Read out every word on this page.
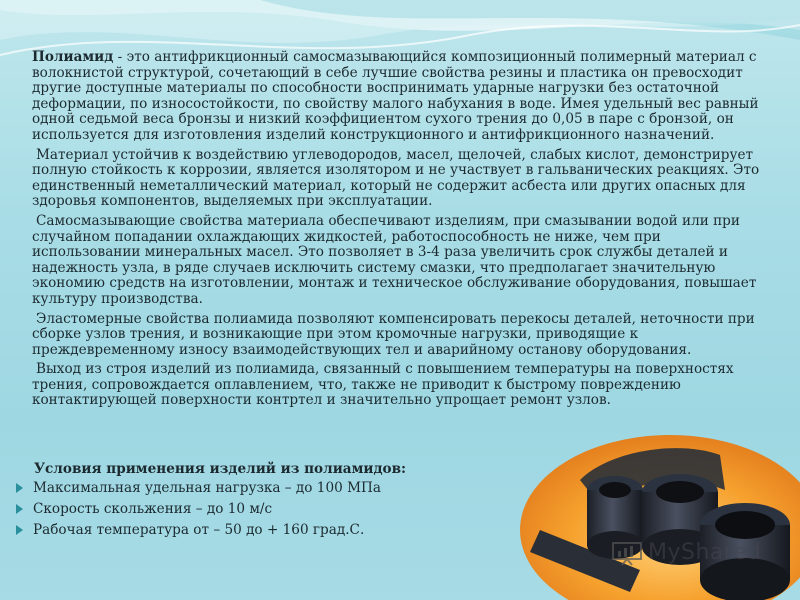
Полиамид - это антифрикционный самосмазывающийся композиционный полимерный материал с волокнистой структурой, сочетающий в себе лучшие свойства резины и пластика он превосходит другие доступные материалы по способности воспринимать ударные нагрузки без остаточной деформации, по износостойкости, по свойству малого набухания в воде. Имея удельный вес равный одной седьмой веса бронзы и низкий коэффициентом сухого трения до 0,05 в паре с бронзой, он используется для изготовления изделий конструкционного и антифрикционного назначений.

Материал устойчив к воздействию углеводородов, масел, щелочей, слабых кислот, демонстрирует полную стойкость к коррозии, является изолятором и не участвует в гальванических реакциях. Это единственный неметаллический материал, который не содержит асбеста или других опасных для здоровья компонентов, выделяемых при эксплуатации.

Самосмазывающие свойства материала обеспечивают изделиям, при смазывании водой или при случайном попадании охлаждающих жидкостей, работоспособность не ниже, чем при использовании минеральных масел. Это позволяет в 3-4 раза увеличить срок службы деталей и надежность узла, в ряде случаев исключить систему смазки, что предполагает значительную экономию средств на изготовлении, монтаж и техническое обслуживание оборудования, повышает культуру производства.

Эластомерные свойства полиамида позволяют компенсировать перекосы деталей, неточности при сборке узлов трения, и возникающие при этом кромочные нагрузки, приводящие к преждевременному износу взаимодействующих тел и аварийному останову оборудования.

Выход из строя изделий из полиамида, связанный с повышением температуры на поверхностях трения, сопровождается оплавлением, что, также не приводит к быстрому повреждению контактирующей поверхности контртел и значительно упрощает ремонт узлов.

MyShared
Условия применения изделий из полиамидов:
Максимальная удельная нагрузка – до 100 МПа
Скорость скольжения – до 10 м/с
Рабочая температура от – 50 до + 160 град.С.
